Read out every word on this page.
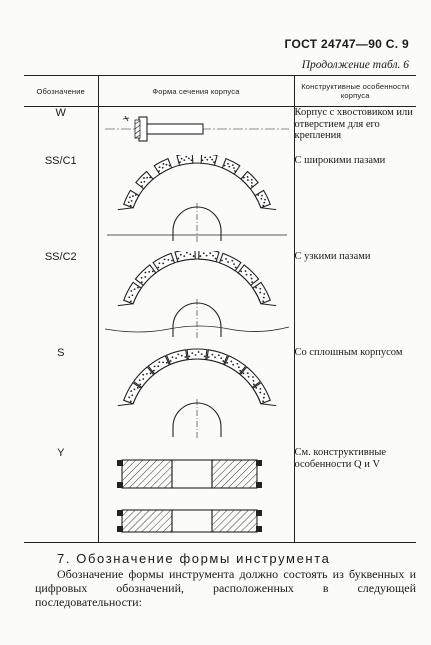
ГОСТ 24747—90 С. 9
Продолжение табл. 6
Обозначение	Форма сечения корпуса	Конструктивные особенности корпуса
W		Корпус с хвостовиком или отверстием для его крепления
SS/C1		С широкими пазами
SS/C2		С узкими пазами
S		Со сплошным корпусом
Y		См. конструктивные особенности Q и V
7. Обозначение формы инструмента
Обозначение формы инструмента должно состоять из буквенных и цифровых обозначений, расположенных в следующей последовательности:
